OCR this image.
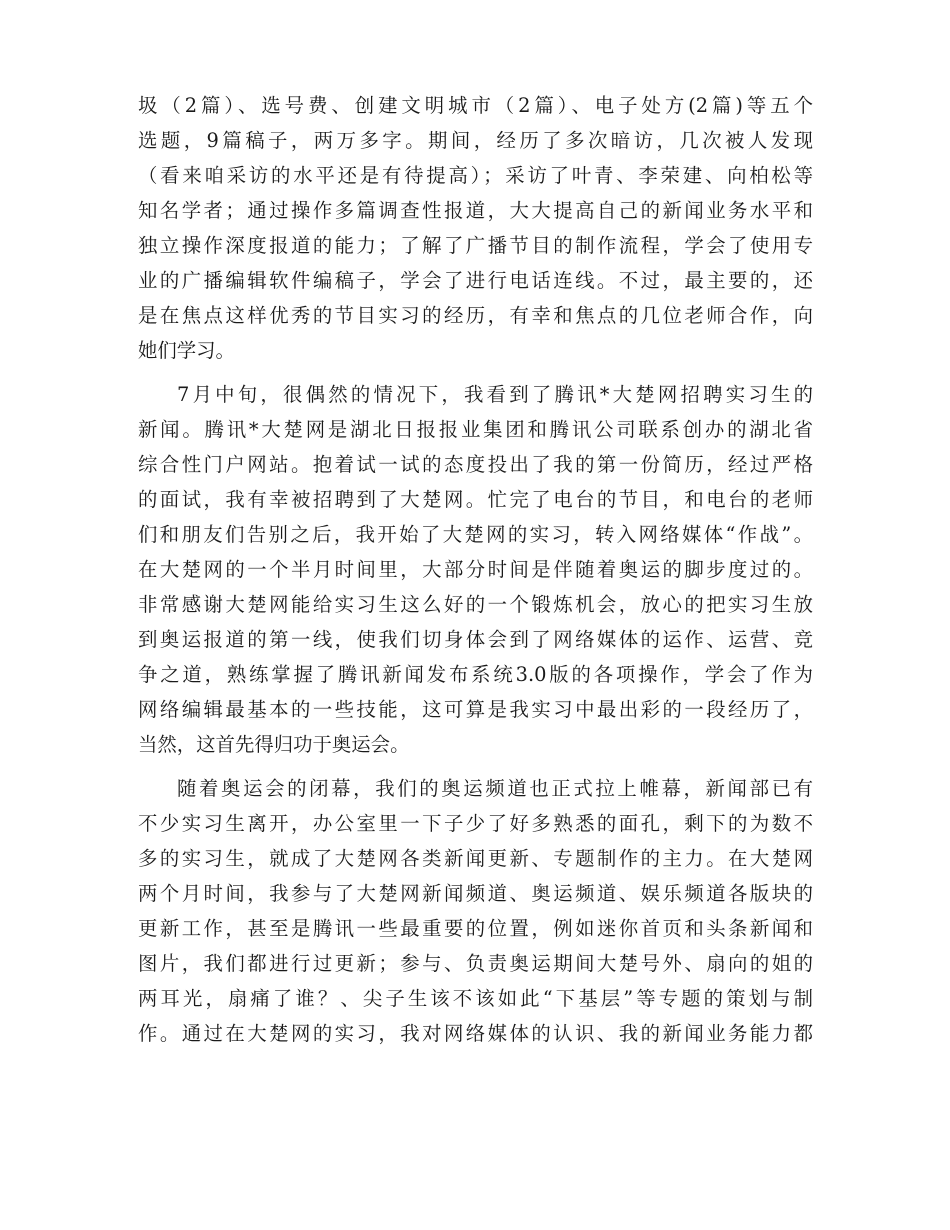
圾（2篇）、选号费、创建文明城市（2篇）、电子处方(2篇)等五个
选题，9篇稿子，两万多字。期间，经历了多次暗访，几次被人发现
（看来咱采访的水平还是有待提高）；采访了叶青、李荣建、向柏松等
知名学者；通过操作多篇调查性报道，大大提高自己的新闻业务水平和
独立操作深度报道的能力；了解了广播节目的制作流程，学会了使用专
业的广播编辑软件编稿子，学会了进行电话连线。不过，最主要的，还
是在焦点这样优秀的节目实习的经历，有幸和焦点的几位老师合作，向
她们学习。
7月中旬，很偶然的情况下，我看到了腾讯*大楚网招聘实习生的
新闻。腾讯*大楚网是湖北日报报业集团和腾讯公司联系创办的湖北省
综合性门户网站。抱着试一试的态度投出了我的第一份简历，经过严格
的面试，我有幸被招聘到了大楚网。忙完了电台的节目，和电台的老师
们和朋友们告别之后，我开始了大楚网的实习，转入网络媒体“作战”。
在大楚网的一个半月时间里，大部分时间是伴随着奥运的脚步度过的。
非常感谢大楚网能给实习生这么好的一个锻炼机会，放心的把实习生放
到奥运报道的第一线，使我们切身体会到了网络媒体的运作、运营、竞
争之道，熟练掌握了腾讯新闻发布系统3.0版的各项操作，学会了作为
网络编辑最基本的一些技能，这可算是我实习中最出彩的一段经历了，
当然，这首先得归功于奥运会。
随着奥运会的闭幕，我们的奥运频道也正式拉上帷幕，新闻部已有
不少实习生离开，办公室里一下子少了好多熟悉的面孔，剩下的为数不
多的实习生，就成了大楚网各类新闻更新、专题制作的主力。在大楚网
两个月时间，我参与了大楚网新闻频道、奥运频道、娱乐频道各版块的
更新工作，甚至是腾讯一些最重要的位置，例如迷你首页和头条新闻和
图片，我们都进行过更新；参与、负责奥运期间大楚号外、扇向的姐的
两耳光，扇痛了谁？、尖子生该不该如此“下基层”等专题的策划与制
作。通过在大楚网的实习，我对网络媒体的认识、我的新闻业务能力都
